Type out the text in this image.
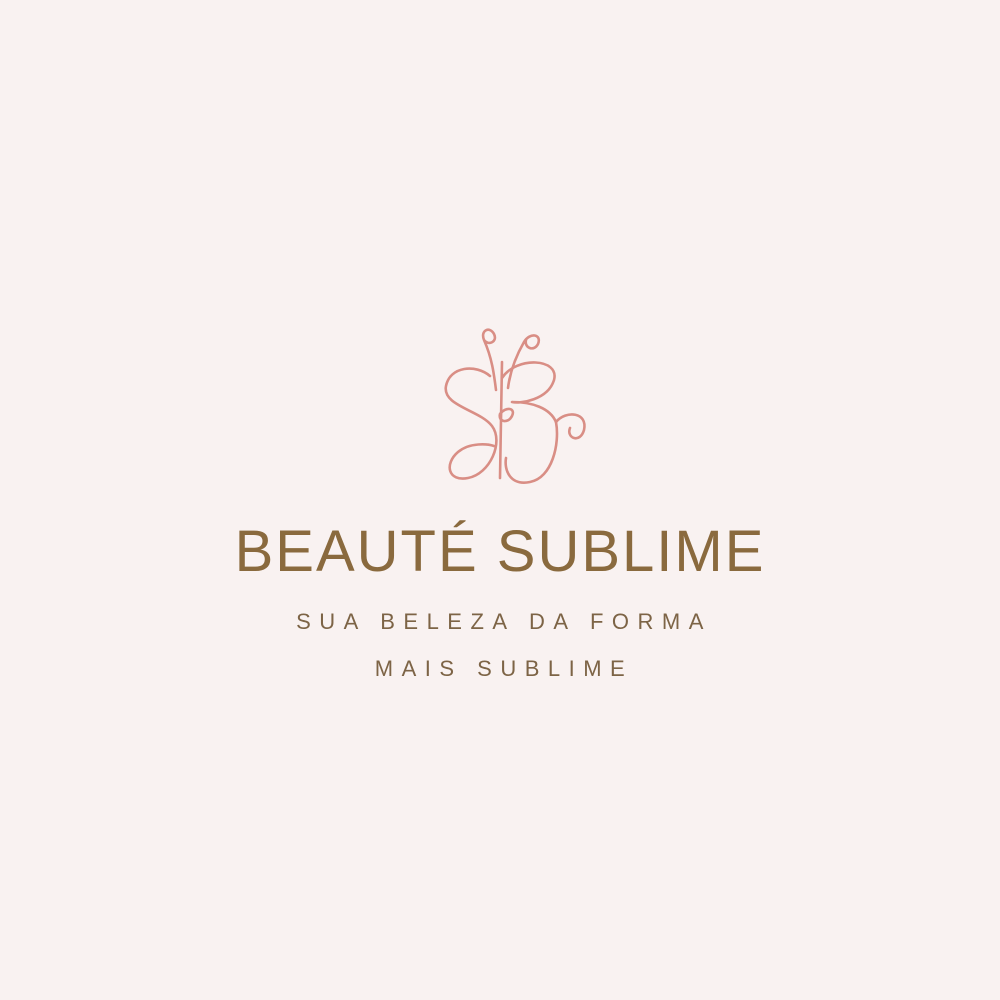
BEAUTÉ SUBLIME

SUA BELEZA DA FORMA

MAIS SUBLIME
